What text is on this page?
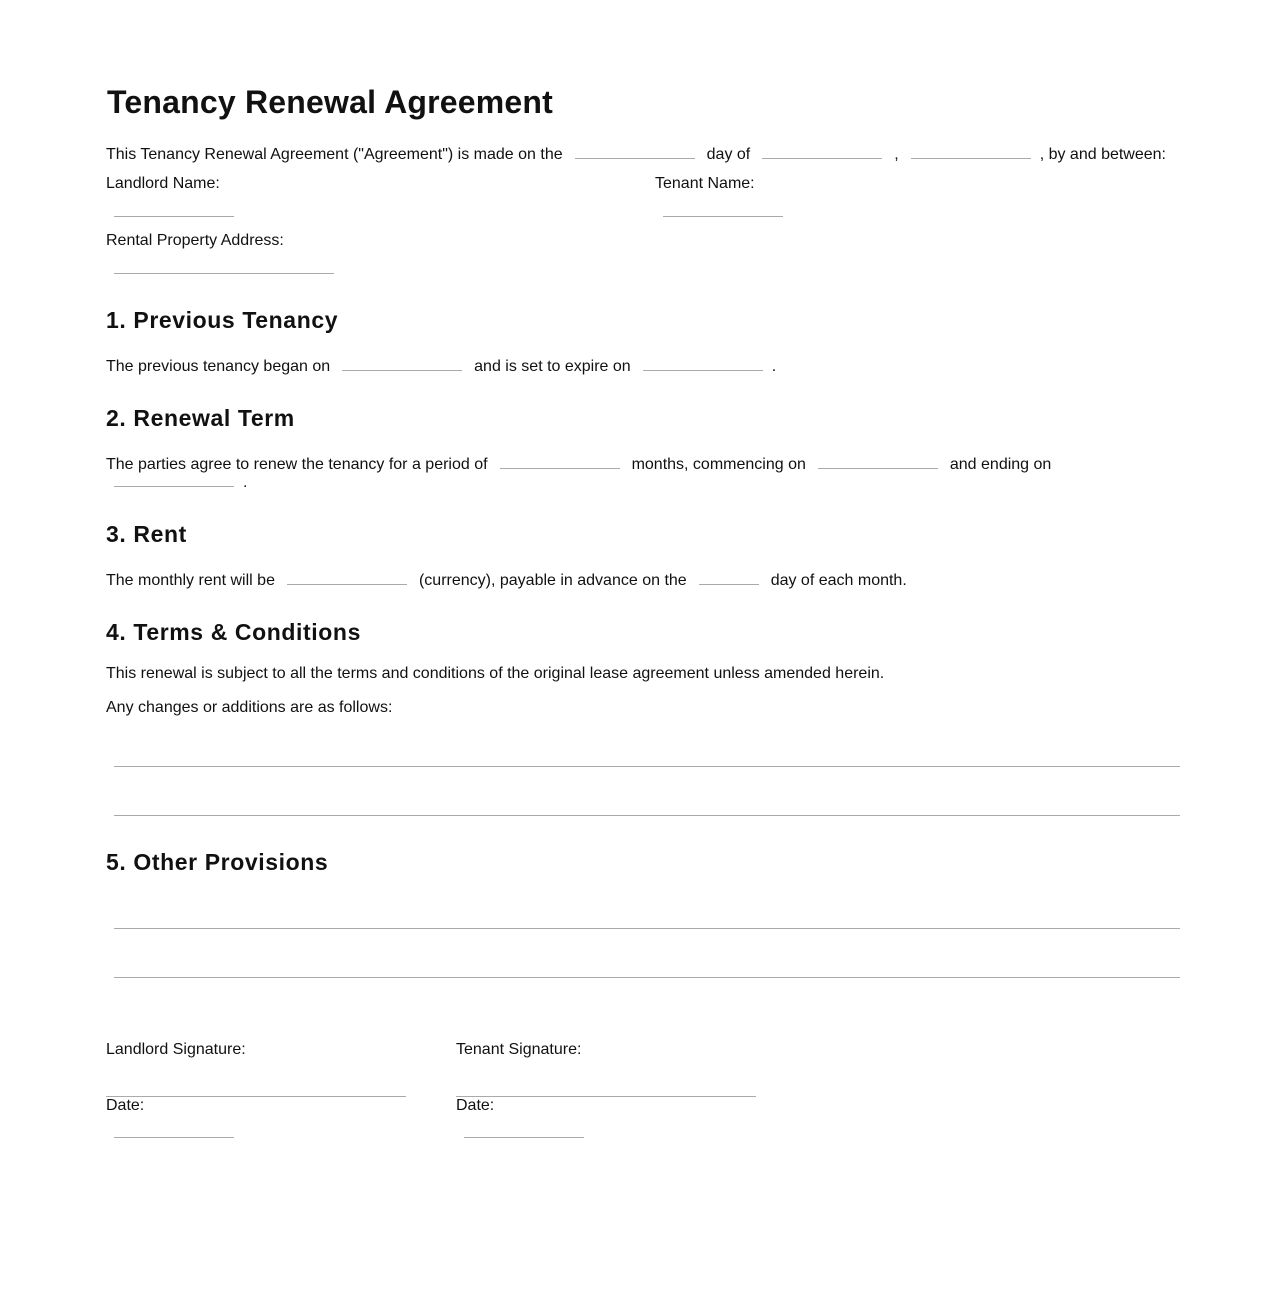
Tenancy Renewal Agreement
This Tenancy Renewal Agreement ("Agreement") is made on the	day of	,	, by and between:
Landlord Name:	Tenant Name:
Rental Property Address:
1. Previous Tenancy
The previous tenancy began on	and is set to expire on	.
2. Renewal Term
The parties agree to renew the tenancy for a period of	months, commencing on	and ending on
.
3. Rent
The monthly rent will be	(currency), payable in advance on the	day of each month.
4. Terms & Conditions
This renewal is subject to all the terms and conditions of the original lease agreement unless amended herein.
Any changes or additions are as follows:
5. Other Provisions
Landlord Signature:
Date:
Tenant Signature:
Date:
